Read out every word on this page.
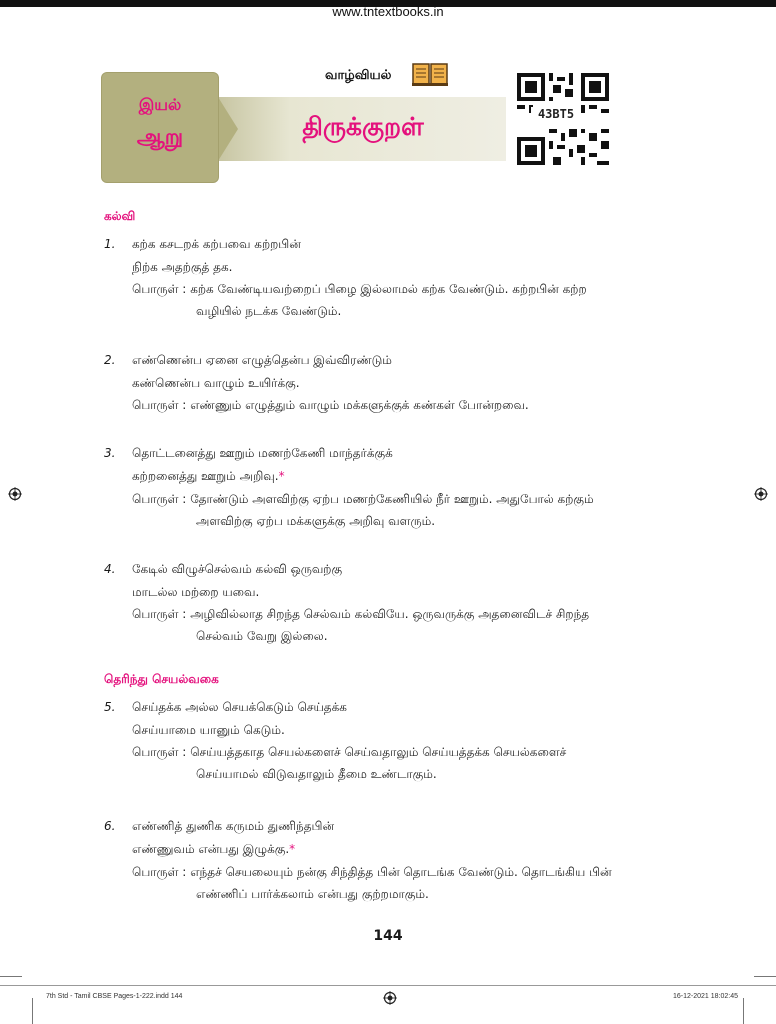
www.tntextbooks.in
இயல்
ஆறு
வாழ்வியல்
திருக்குறள்	43BT5
கல்வி
1. கற்க கசடறக் கற்பவை கற்றபின்
நிற்க அதற்குத் தக.
பொருள் : கற்க வேண்டியவற்றைப் பிழை இல்லாமல் கற்க வேண்டும். கற்றபின் கற்ற
வழியில் நடக்க வேண்டும்.
2. எண்ணென்ப ஏனை எழுத்தென்ப இவ்விரண்டும்
கண்ணென்ப வாழும் உயிர்க்கு.
பொருள் : எண்ணும் எழுத்தும் வாழும் மக்களுக்குக் கண்கள் போன்றவை.
3. தொட்டனைத்து ஊறும் மணற்கேணி மாந்தர்க்குக்
கற்றனைத்து ஊறும் அறிவு.*
பொருள் : தோண்டும் அளவிற்கு ஏற்ப மணற்கேணியில் நீர் ஊறும். அதுபோல் கற்கும்
அளவிற்கு ஏற்ப மக்களுக்கு அறிவு வளரும்.
4. கேடில் விழுச்செல்வம் கல்வி ஒருவற்கு
மாடல்ல மற்றை யவை.
பொருள் : அழிவில்லாத சிறந்த செல்வம் கல்வியே. ஒருவருக்கு அதனைவிடச் சிறந்த
செல்வம் வேறு இல்லை.
தெரிந்து செயல்வகை
5. செய்தக்க அல்ல செயக்கெடும் செய்தக்க
செய்யாமை யானும் கெடும்.
பொருள் : செய்யத்தகாத செயல்களைச் செய்வதாலும் செய்யத்தக்க செயல்களைச்
செய்யாமல் விடுவதாலும் தீமை உண்டாகும்.
6. எண்ணித் துணிக கருமம் துணிந்தபின்
எண்ணுவம் என்பது இழுக்கு.*
பொருள் : எந்தச் செயலையும் நன்கு சிந்தித்த பின் தொடங்க வேண்டும். தொடங்கிய பின்
எண்ணிப் பார்க்கலாம் என்பது குற்றமாகும்.
144
7th Std - Tamil CBSE Pages-1-222.indd 144	16-12-2021 18:02:45
